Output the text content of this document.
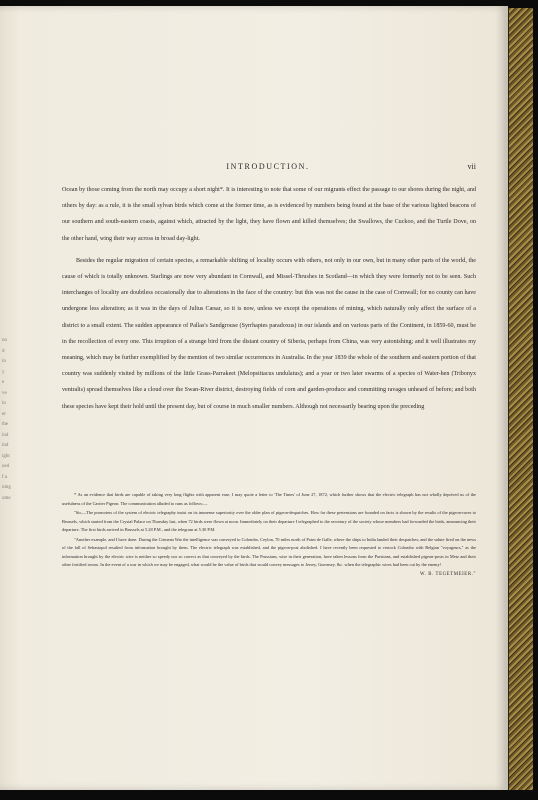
no
d
in
y
e
ve
in
er
the
ind
ind
ight
ued
f a
ning
ome
INTRODUCTION.	vii

Ocean by those coming from the north may occupy a short night*. It is interesting to note that some of our migrants effect the passage to our shores during the night, and others by day: as a rule, it is the small sylvan birds which come at the former time, as is evidenced by numbers being found at the base of the various lighted beacons of our southern and south-eastern coasts, against which, attracted by the light, they have flown and killed themselves; the Swallows, the Cuckoo, and the Turtle Dove, on the other hand, wing their way across in broad day-light.

Besides the regular migration of certain species, a remarkable shifting of locality occurs with others, not only in our own, but in many other parts of the world, the cause of which is totally unknown. Starlings are now very abundant in Cornwall, and Missel-Thrushes in Scotland—in which they were formerly not to be seen. Such interchanges of locality are doubtless occasionally due to alterations in the face of the country: but this was not the cause in the case of Cornwall; for no county can have undergone less alteration; as it was in the days of Julius Cæsar, so it is now, unless we except the operations of mining, which naturally only affect the surface of a district to a small extent. The sudden appearance of Pallas's Sandgrouse (Syrrhaptes paradoxus) in our islands and on various parts of the Continent, in 1859-60, must be in the recollection of every one. This irruption of a strange bird from the distant country of Siberia, perhaps from China, was very astonishing; and it well illustrates my meaning, which may be further exemplified by the mention of two similar occurrences in Australia. In the year 1839 the whole of the southern and eastern portion of that country was suddenly visited by millions of the little Grass-Parrakeet (Melopsittacus undulatus); and a year or two later swarms of a species of Water-hen (Tribonyx ventralis) spread themselves like a cloud over the Swan-River district, destroying fields of corn and garden-produce and committing ravages unheard of before; and both these species have kept their hold until the present day, but of course in much smaller numbers. Although not necessarily bearing upon the preceding

* As an evidence that birds are capable of taking very long flights with apparent ease, I may quote a letter to 'The Times' of June 27, 1872, which further shows that the electric telegraph has not wholly deprived us of the usefulness of the Carrier Pigeon. The communication alluded to runs as follows:—

"Sir,—The promoters of the system of electric telegraphy insist on its immense superiority over the older plan of pigeon-despatches. How far these pretensions are founded on facts is shown by the results of the pigeon-races to Brussels, which started from the Crystal Palace on Thursday last, when 72 birds were flown at noon. Immediately on their departure I telegraphed to the secretary of the society whose members had forwarded the birds, announcing their departure. The first birds arrived in Brussels at 5.28 P.M., and the telegram at 5.30 P.M.

"Another example, and I have done. During the Crimean War the intelligence was conveyed to Colombo, Ceylon, 70 miles north of Point de Galle, where the ships to India landed their despatches; and the salute fired on the news of the fall of Sebastopol resulted from information brought by them. The electric telegraph was established, and the pigeon-post abolished. I have recently been requested to restock Colombo with Belgian "voyageurs," as the information brought by the electric wire is neither so speedy nor so correct as that conveyed by the birds. The Prussians, wise in their generation, have taken lessons from the Parisians, and established pigeon-posts in Metz and their other fortified towns. In the event of a war in which we may be engaged, what would be the value of birds that would convey messages to Jersey, Guernsey, &c. when the telegraphic wires had been cut by the enemy!

W. B. TEGETMEIER."
